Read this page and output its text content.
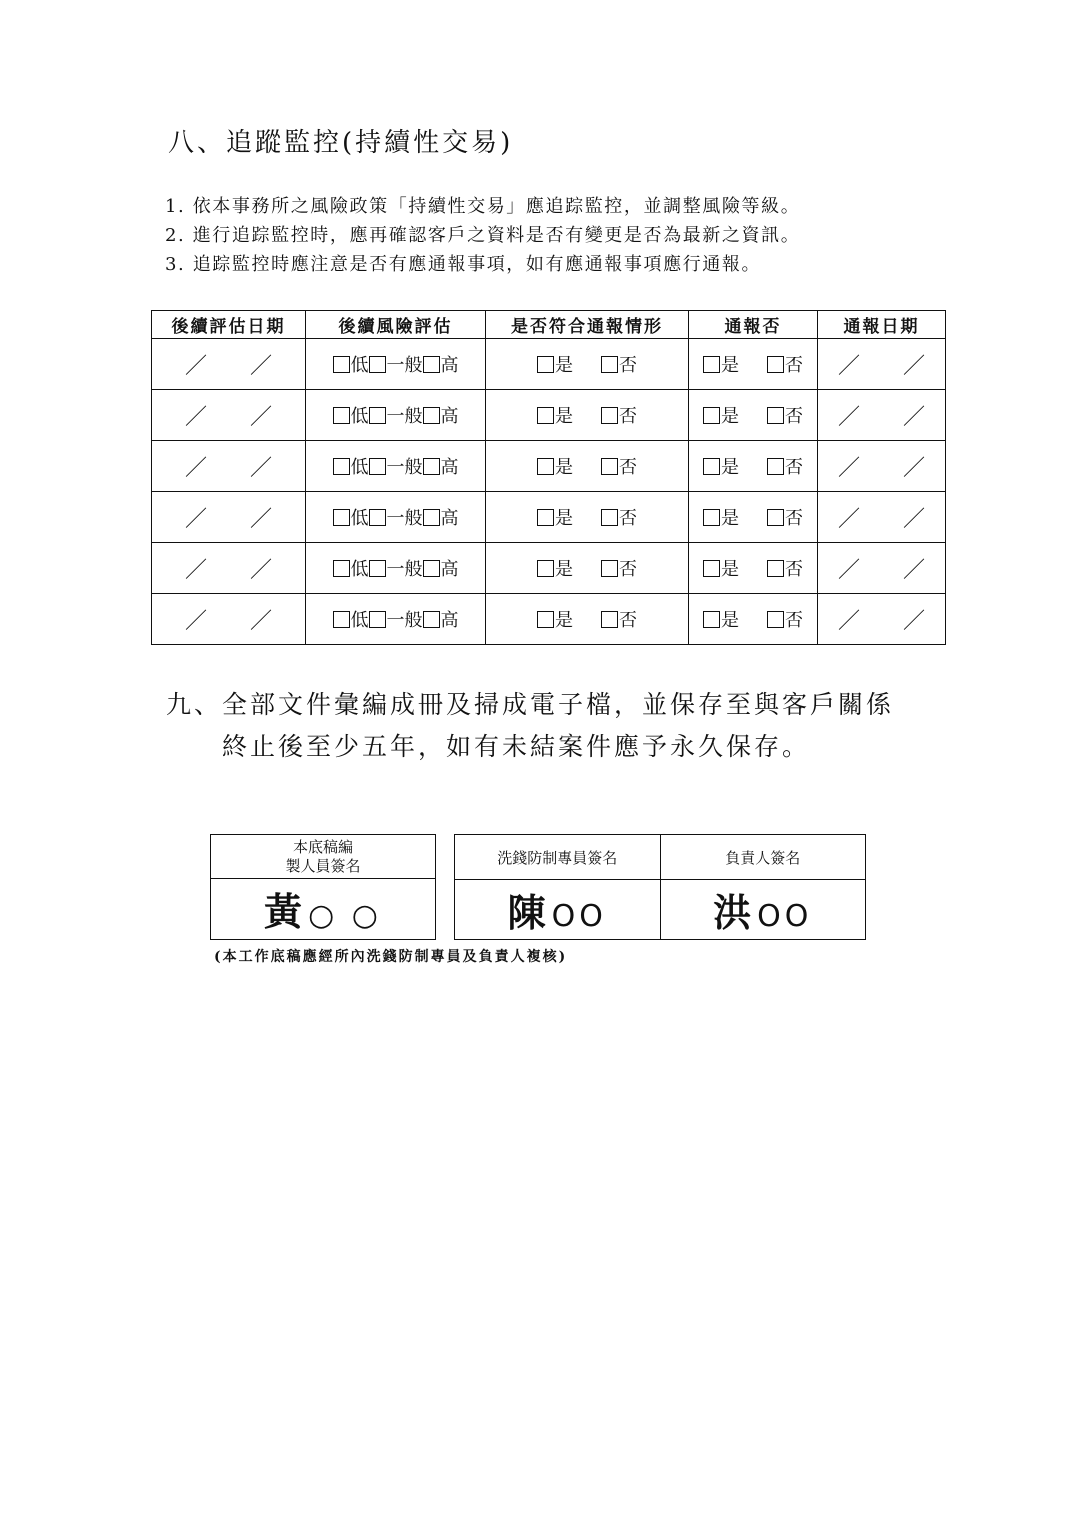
八、追蹤監控(持續性交易)
1. 依本事務所之風險政策「持續性交易」應追踪監控，並調整風險等級。
2. 進行追踪監控時，應再確認客戶之資料是否有變更是否為最新之資訊。
3. 追踪監控時應注意是否有應通報事項，如有應通報事項應行通報。
後續評估日期	後續風險評估	是否符合通報情形	通報否	通報日期
／ ／	低 一般 高	是 否	是 否	／ ／
／ ／	低 一般 高	是 否	是 否	／ ／
／ ／	低 一般 高	是 否	是 否	／ ／
／ ／	低 一般 高	是 否	是 否	／ ／
／ ／	低 一般 高	是 否	是 否	／ ／
／ ／	低 一般 高	是 否	是 否	／ ／
九、全部文件彙編成冊及掃成電子檔，並保存至與客戶關係
終止後至少五年，如有未結案件應予永久保存。
本底稿編
製人員簽名
黃○ ○
洗錢防制專員簽名
陳OO
負責人簽名
洪OO
(本工作底稿應經所內洗錢防制專員及負責人複核)
